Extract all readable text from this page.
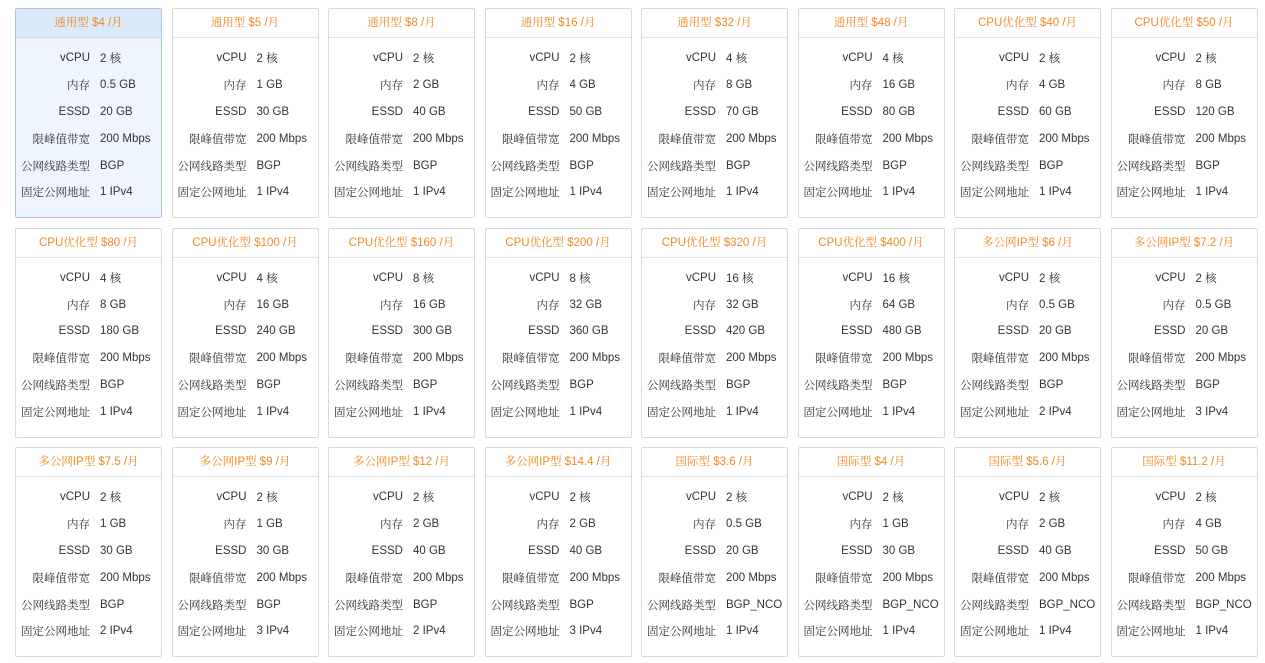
通用型 $4 /月
vCPU 2 核
内存 0.5 GB
ESSD 20 GB
限峰值带宽 200 Mbps
公网线路类型 BGP
固定公网地址 1 IPv4
通用型 $5 /月
vCPU 2 核
内存 1 GB
ESSD 30 GB
限峰值带宽 200 Mbps
公网线路类型 BGP
固定公网地址 1 IPv4
通用型 $8 /月
vCPU 2 核
内存 2 GB
ESSD 40 GB
限峰值带宽 200 Mbps
公网线路类型 BGP
固定公网地址 1 IPv4
通用型 $16 /月
vCPU 2 核
内存 4 GB
ESSD 50 GB
限峰值带宽 200 Mbps
公网线路类型 BGP
固定公网地址 1 IPv4
通用型 $32 /月
vCPU 4 核
内存 8 GB
ESSD 70 GB
限峰值带宽 200 Mbps
公网线路类型 BGP
固定公网地址 1 IPv4
通用型 $48 /月
vCPU 4 核
内存 16 GB
ESSD 80 GB
限峰值带宽 200 Mbps
公网线路类型 BGP
固定公网地址 1 IPv4
CPU优化型 $40 /月
vCPU 2 核
内存 4 GB
ESSD 60 GB
限峰值带宽 200 Mbps
公网线路类型 BGP
固定公网地址 1 IPv4
CPU优化型 $50 /月
vCPU 2 核
内存 8 GB
ESSD 120 GB
限峰值带宽 200 Mbps
公网线路类型 BGP
固定公网地址 1 IPv4
CPU优化型 $80 /月
vCPU 4 核
内存 8 GB
ESSD 180 GB
限峰值带宽 200 Mbps
公网线路类型 BGP
固定公网地址 1 IPv4
CPU优化型 $100 /月
vCPU 4 核
内存 16 GB
ESSD 240 GB
限峰值带宽 200 Mbps
公网线路类型 BGP
固定公网地址 1 IPv4
CPU优化型 $160 /月
vCPU 8 核
内存 16 GB
ESSD 300 GB
限峰值带宽 200 Mbps
公网线路类型 BGP
固定公网地址 1 IPv4
CPU优化型 $200 /月
vCPU 8 核
内存 32 GB
ESSD 360 GB
限峰值带宽 200 Mbps
公网线路类型 BGP
固定公网地址 1 IPv4
CPU优化型 $320 /月
vCPU 16 核
内存 32 GB
ESSD 420 GB
限峰值带宽 200 Mbps
公网线路类型 BGP
固定公网地址 1 IPv4
CPU优化型 $400 /月
vCPU 16 核
内存 64 GB
ESSD 480 GB
限峰值带宽 200 Mbps
公网线路类型 BGP
固定公网地址 1 IPv4
多公网IP型 $6 /月
vCPU 2 核
内存 0.5 GB
ESSD 20 GB
限峰值带宽 200 Mbps
公网线路类型 BGP
固定公网地址 2 IPv4
多公网IP型 $7.2 /月
vCPU 2 核
内存 0.5 GB
ESSD 20 GB
限峰值带宽 200 Mbps
公网线路类型 BGP
固定公网地址 3 IPv4
多公网IP型 $7.5 /月
vCPU 2 核
内存 1 GB
ESSD 30 GB
限峰值带宽 200 Mbps
公网线路类型 BGP
固定公网地址 2 IPv4
多公网IP型 $9 /月
vCPU 2 核
内存 1 GB
ESSD 30 GB
限峰值带宽 200 Mbps
公网线路类型 BGP
固定公网地址 3 IPv4
多公网IP型 $12 /月
vCPU 2 核
内存 2 GB
ESSD 40 GB
限峰值带宽 200 Mbps
公网线路类型 BGP
固定公网地址 2 IPv4
多公网IP型 $14.4 /月
vCPU 2 核
内存 2 GB
ESSD 40 GB
限峰值带宽 200 Mbps
公网线路类型 BGP
固定公网地址 3 IPv4
国际型 $3.6 /月
vCPU 2 核
内存 0.5 GB
ESSD 20 GB
限峰值带宽 200 Mbps
公网线路类型 BGP_NCO
固定公网地址 1 IPv4
国际型 $4 /月
vCPU 2 核
内存 1 GB
ESSD 30 GB
限峰值带宽 200 Mbps
公网线路类型 BGP_NCO
固定公网地址 1 IPv4
国际型 $5.6 /月
vCPU 2 核
内存 2 GB
ESSD 40 GB
限峰值带宽 200 Mbps
公网线路类型 BGP_NCO
固定公网地址 1 IPv4
国际型 $11.2 /月
vCPU 2 核
内存 4 GB
ESSD 50 GB
限峰值带宽 200 Mbps
公网线路类型 BGP_NCO
固定公网地址 1 IPv4
